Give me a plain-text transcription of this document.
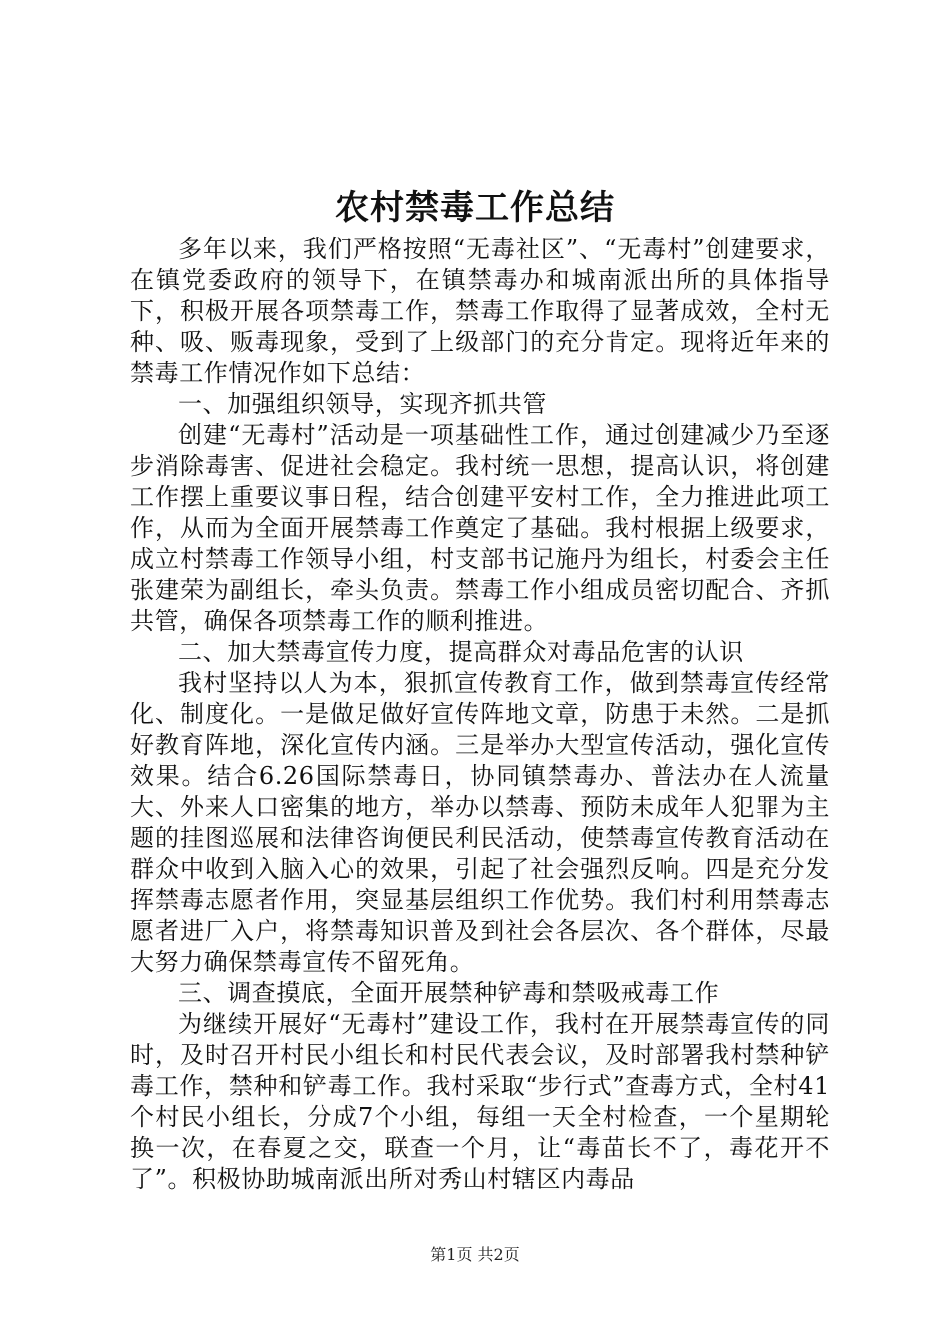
农村禁毒工作总结

多年以来，我们严格按照“无毒社区”、“无毒村”创建要求，在镇党委政府的领导下，在镇禁毒办和城南派出所的具体指导下，积极开展各项禁毒工作，禁毒工作取得了显著成效，全村无种、吸、贩毒现象，受到了上级部门的充分肯定。现将近年来的禁毒工作情况作如下总结：

一、加强组织领导，实现齐抓共管

创建“无毒村”活动是一项基础性工作，通过创建减少乃至逐步消除毒害、促进社会稳定。我村统一思想，提高认识，将创建工作摆上重要议事日程，结合创建平安村工作，全力推进此项工作，从而为全面开展禁毒工作奠定了基础。我村根据上级要求，成立村禁毒工作领导小组，村支部书记施丹为组长，村委会主任张建荣为副组长，牵头负责。禁毒工作小组成员密切配合、齐抓共管，确保各项禁毒工作的顺利推进。

二、加大禁毒宣传力度，提高群众对毒品危害的认识

我村坚持以人为本，狠抓宣传教育工作，做到禁毒宣传经常化、制度化。一是做足做好宣传阵地文章，防患于未然。二是抓好教育阵地，深化宣传内涵。三是举办大型宣传活动，强化宣传效果。结合6.26国际禁毒日，协同镇禁毒办、普法办在人流量大、外来人口密集的地方，举办以禁毒、预防未成年人犯罪为主题的挂图巡展和法律咨询便民利民活动，使禁毒宣传教育活动在群众中收到入脑入心的效果，引起了社会强烈反响。四是充分发挥禁毒志愿者作用，突显基层组织工作优势。我们村利用禁毒志愿者进厂入户，将禁毒知识普及到社会各层次、各个群体，尽最大努力确保禁毒宣传不留死角。

三、调查摸底，全面开展禁种铲毒和禁吸戒毒工作

为继续开展好“无毒村”建设工作，我村在开展禁毒宣传的同时，及时召开村民小组长和村民代表会议，及时部署我村禁种铲毒工作，禁种和铲毒工作。我村采取“步行式”查毒方式，全村41个村民小组长，分成7个小组，每组一天全村检查，一个星期轮换一次，在春夏之交，联查一个月，让“毒苗长不了，毒花开不了”。积极协助城南派出所对秀山村辖区内毒品

第1页 共2页
